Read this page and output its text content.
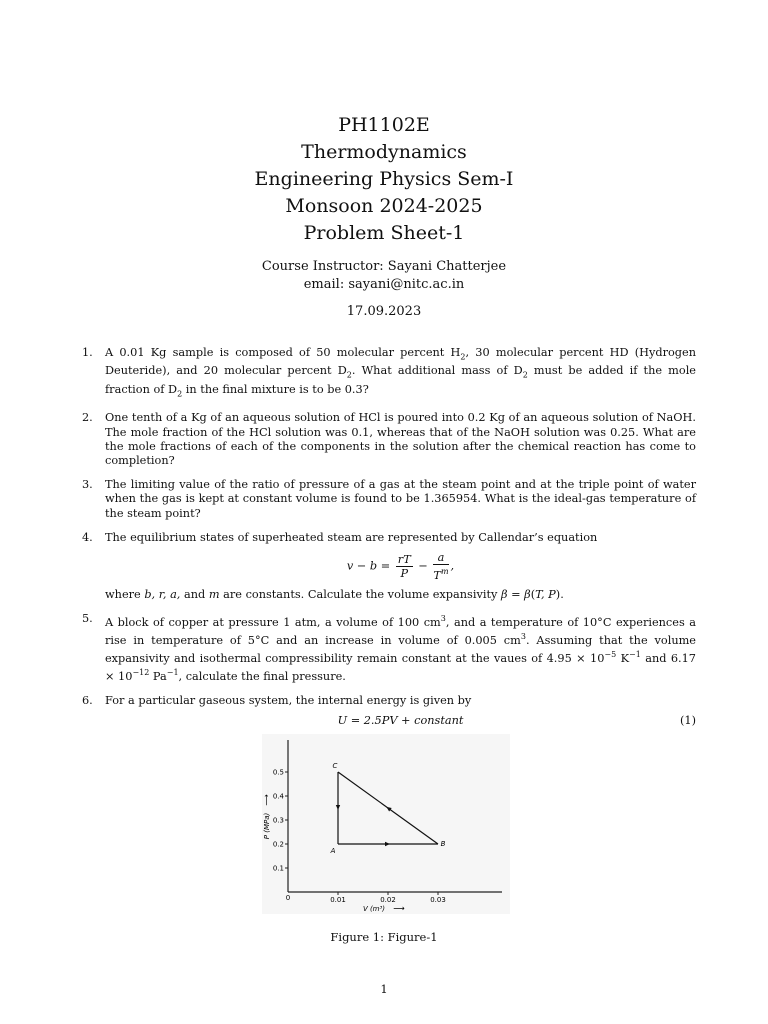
PH1102E
Thermodynamics
Engineering Physics Sem-I
Monsoon 2024-2025
Problem Sheet-1
Course Instructor: Sayani Chatterjee
email: sayani@nitc.ac.in
17.09.2023
1. A 0.01 Kg sample is composed of 50 molecular percent $H_2$, 30 molecular percent HD (Hydrogen Deuteride), and 20 molecular percent $D_2$. What additional mass of $D_2$ must be added if the mole fraction of $D_2$ in the final mixture is to be 0.3?
2. One tenth of a Kg of an aqueous solution of HCl is poured into 0.2 Kg of an aqueous solution of NaOH. The mole fraction of the HCl solution was 0.1, whereas that of the NaOH solution was 0.25. What are the mole fractions of each of the components in the solution after the chemical reaction has come to completion?
3. The limiting value of the ratio of pressure of a gas at the steam point and at the triple point of water when the gas is kept at constant volume is found to be 1.365954. What is the ideal-gas temperature of the steam point?
4. The equilibrium states of superheated steam are represented by Callendar’s equation
$v - b = \frac{rT}{P} - \frac{a}{T^m}$ ,
where b, r, a, and m are constants. Calculate the volume expansivity β = β(T, P).
5. A block of copper at pressure 1 atm, a volume of 100 $cm^3$, and a temperature of 10°C experiences a rise in temperature of 5°C and an increase in volume of 0.005 $cm^3$. Assuming that the volume expansivity and isothermal compressibility remain constant at the vaues of $4.95 \times 10^{-5}$ $K^{-1}$ and $6.17 \times 10^{-12}$ $Pa^{-1}$, calculate the final pressure.
6. For a particular gaseous system, the internal energy is given by
U = 2.5PV + constant	(1)
0.5
0.4
0.3
0.2
0.1
0.01	0.02	0.03
0
A
B
C
P (MPa)
⟶
V (m³) ⟶
Figure 1: Figure-1
1
